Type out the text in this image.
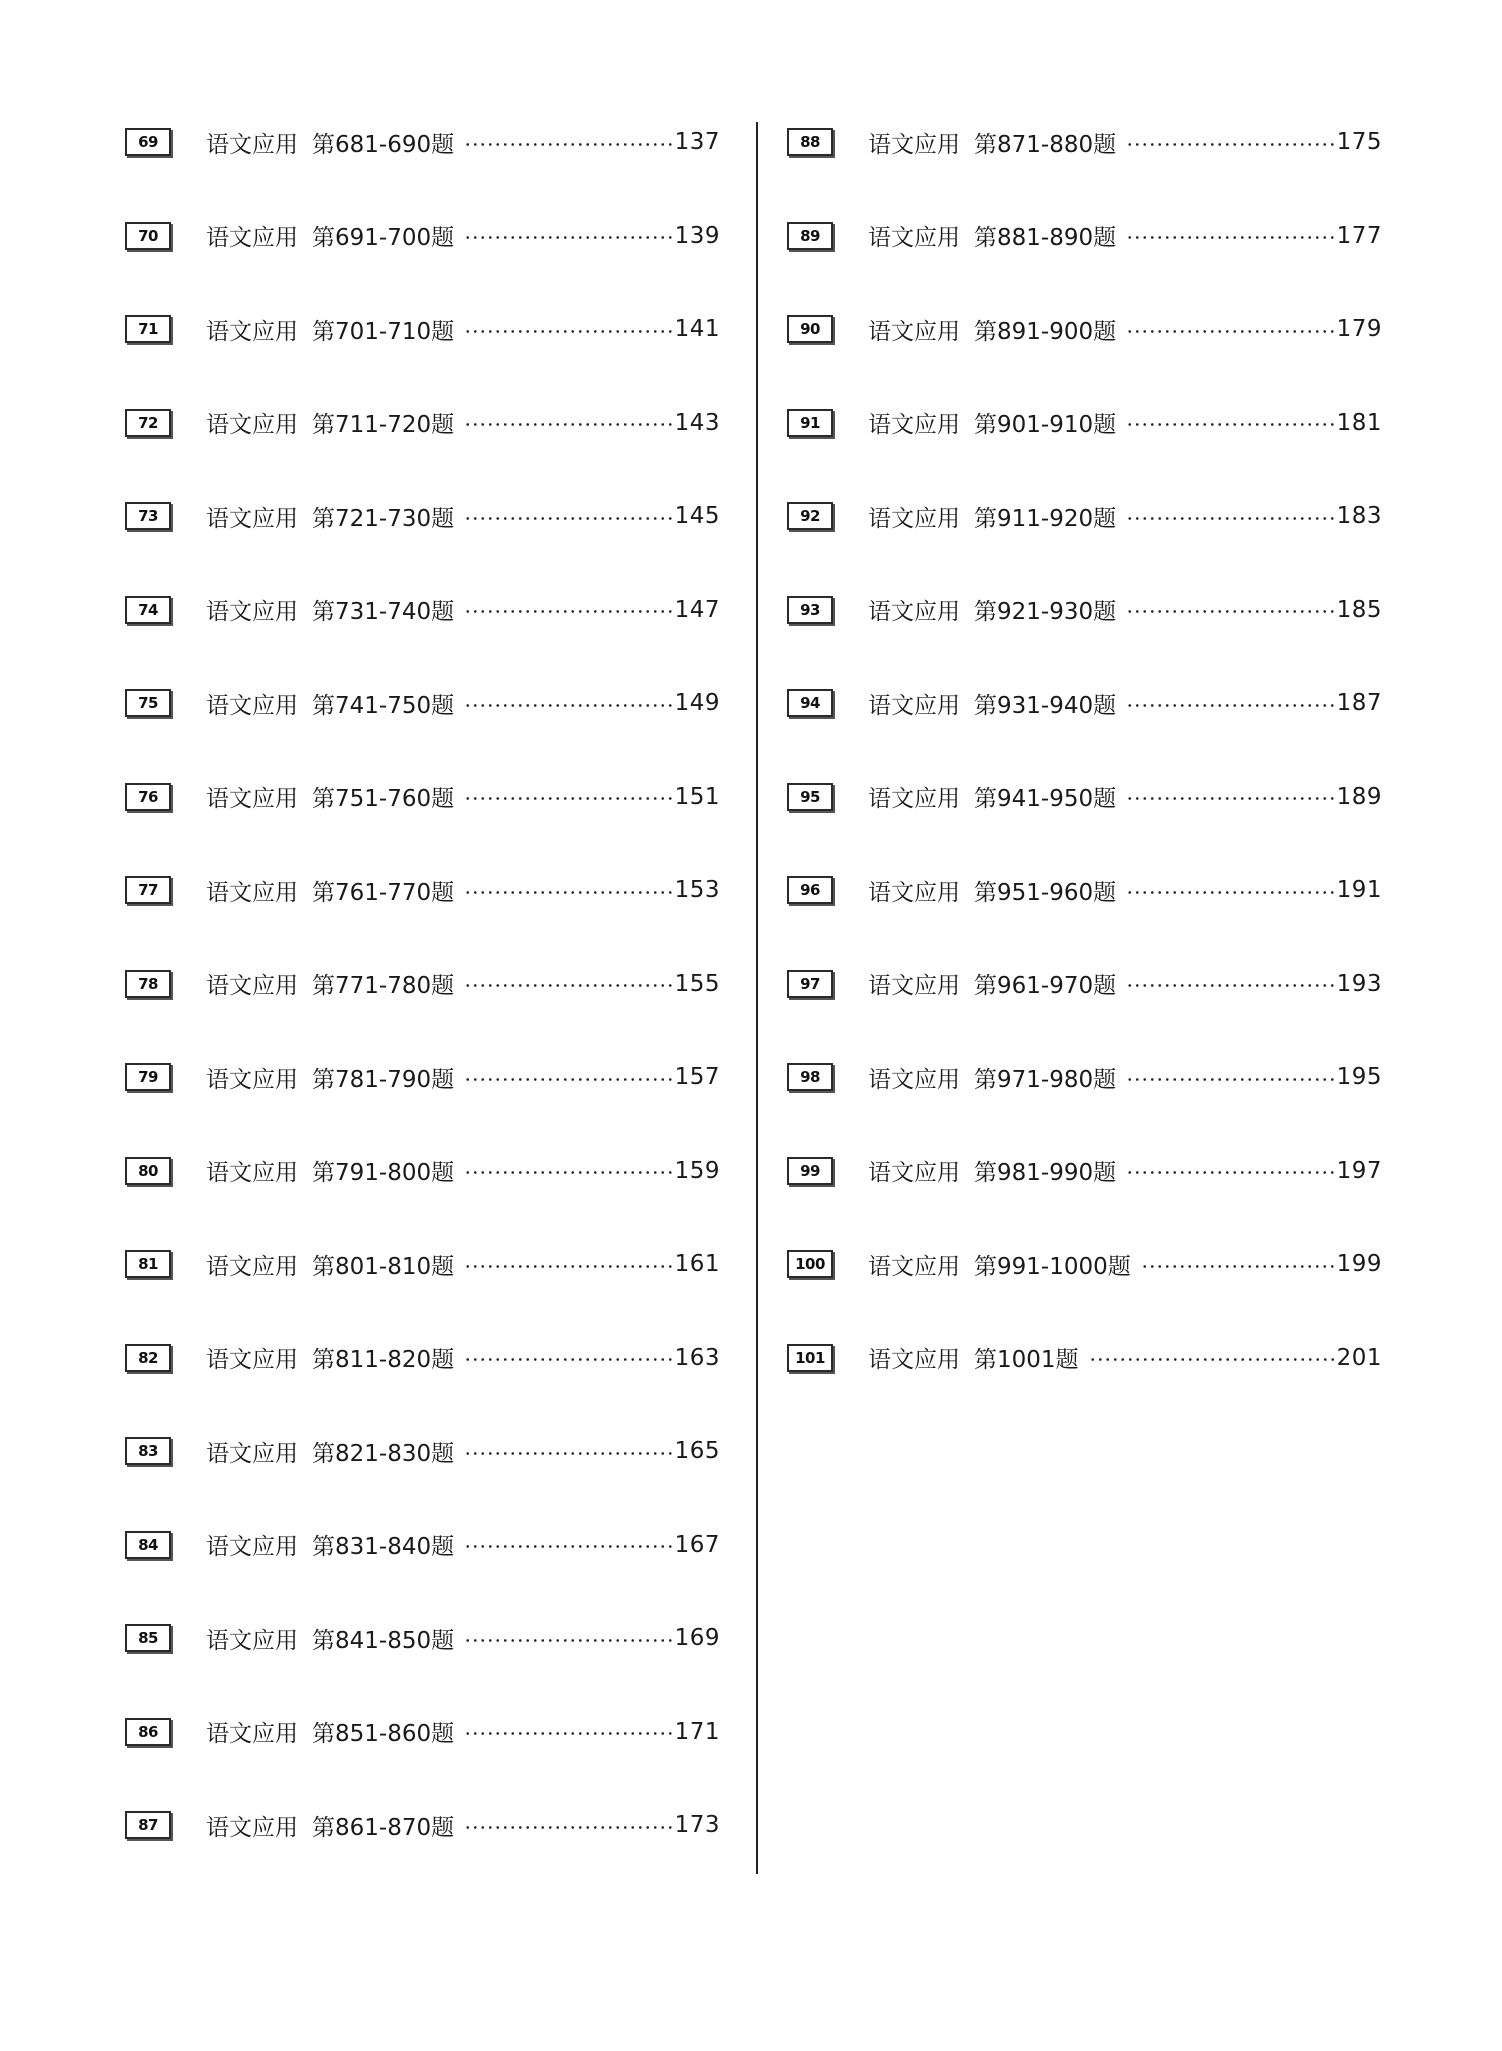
69	语文应用 第681-690题	137
70	语文应用 第691-700题	139
71	语文应用 第701-710题	141
72	语文应用 第711-720题	143
73	语文应用 第721-730题	145
74	语文应用 第731-740题	147
75	语文应用 第741-750题	149
76	语文应用 第751-760题	151
77	语文应用 第761-770题	153
78	语文应用 第771-780题	155
79	语文应用 第781-790题	157
80	语文应用 第791-800题	159
81	语文应用 第801-810题	161
82	语文应用 第811-820题	163
83	语文应用 第821-830题	165
84	语文应用 第831-840题	167
85	语文应用 第841-850题	169
86	语文应用 第851-860题	171
87	语文应用 第861-870题	173
88	语文应用 第871-880题	175
89	语文应用 第881-890题	177
90	语文应用 第891-900题	179
91	语文应用 第901-910题	181
92	语文应用 第911-920题	183
93	语文应用 第921-930题	185
94	语文应用 第931-940题	187
95	语文应用 第941-950题	189
96	语文应用 第951-960题	191
97	语文应用 第961-970题	193
98	语文应用 第971-980题	195
99	语文应用 第981-990题	197
100	语文应用 第991-1000题	199
101	语文应用 第1001题	201
